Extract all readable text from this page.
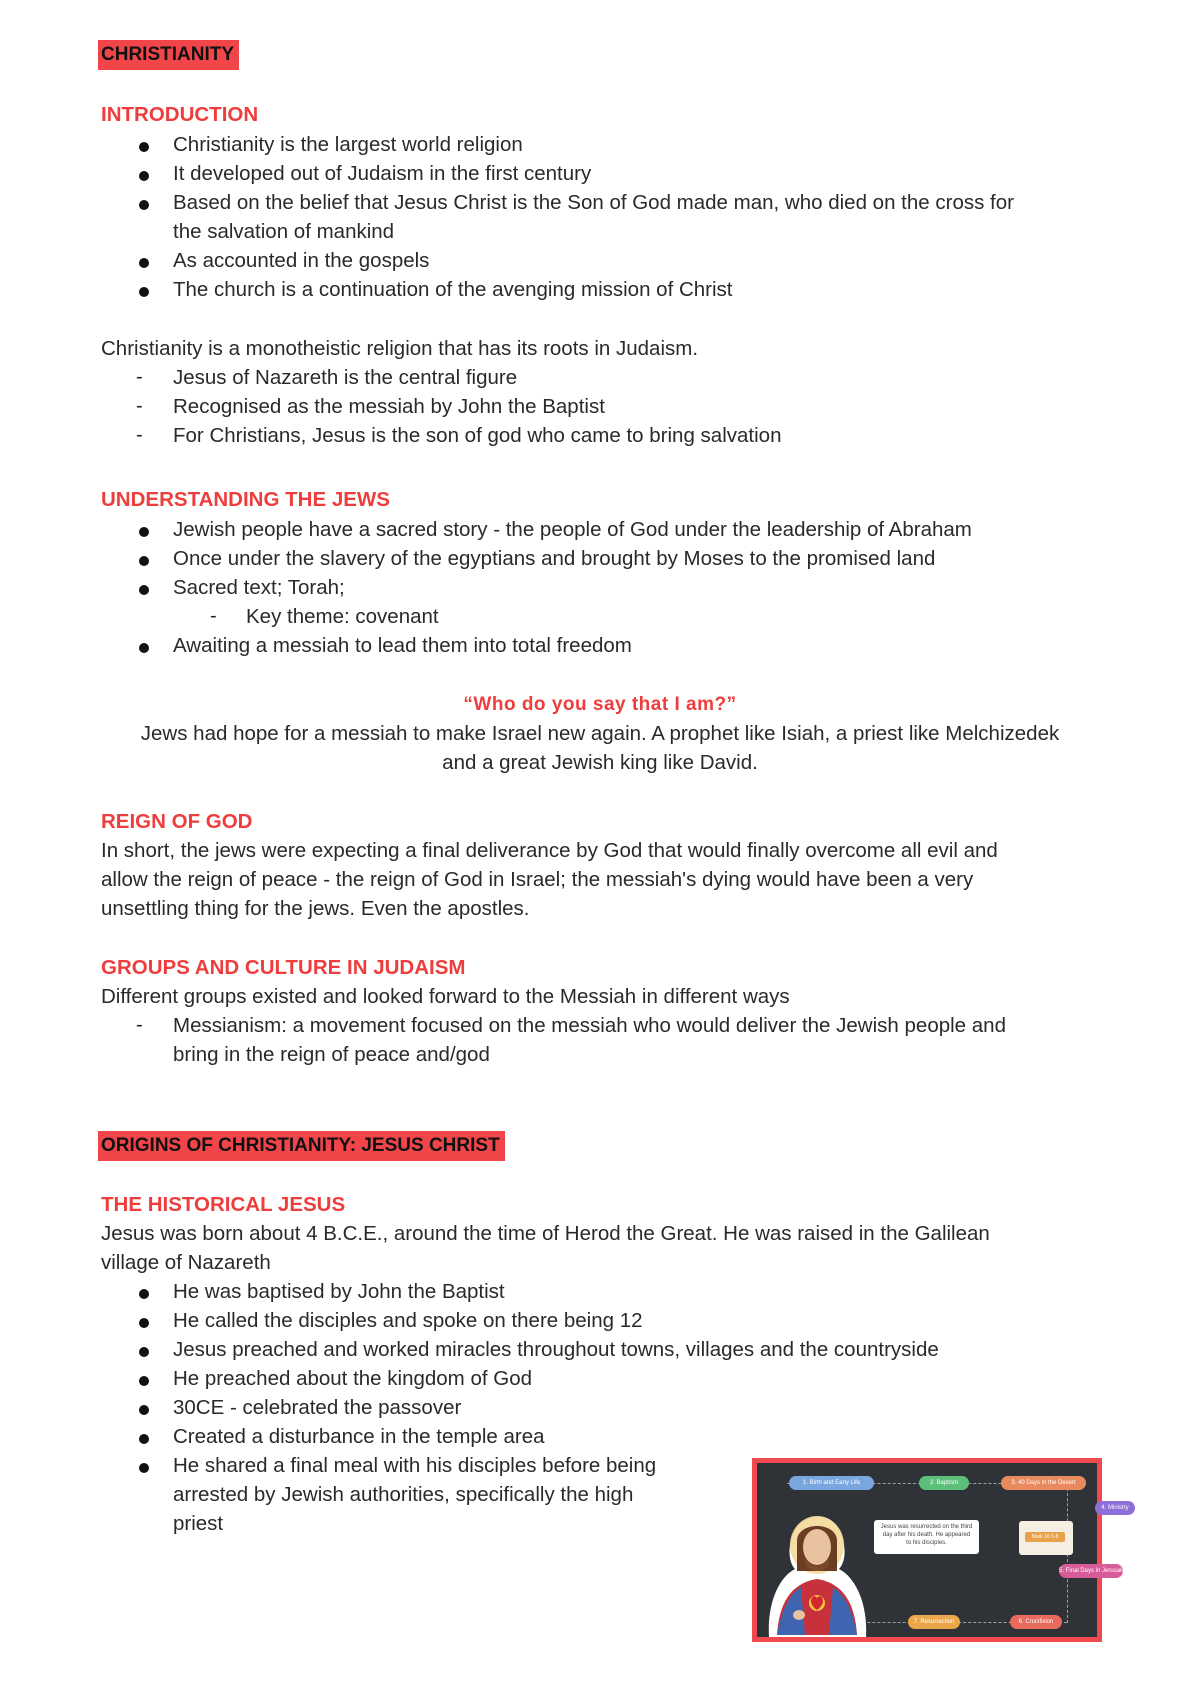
CHRISTIANITY
INTRODUCTION
Christianity is the largest world religion
It developed out of Judaism in the first century
Based on the belief that Jesus Christ is the Son of God made man, who died on the cross for
the salvation of mankind
As accounted in the gospels
The church is a continuation of the avenging mission of Christ
Christianity is a monotheistic religion that has its roots in Judaism.
- Jesus of Nazareth is the central figure
- Recognised as the messiah by John the Baptist
- For Christians, Jesus is the son of god who came to bring salvation
UNDERSTANDING THE JEWS
Jewish people have a sacred story - the people of God under the leadership of Abraham
Once under the slavery of the egyptians and brought by Moses to the promised land
Sacred text; Torah;
- Key theme: covenant
Awaiting a messiah to lead them into total freedom
“Who do you say that I am?”
Jews had hope for a messiah to make Israel new again. A prophet like Isiah, a priest like Melchizedek
and a great Jewish king like David.
REIGN OF GOD
In short, the jews were expecting a final deliverance by God that would finally overcome all evil and
allow the reign of peace - the reign of God in Israel; the messiah's dying would have been a very
unsettling thing for the jews. Even the apostles.
GROUPS AND CULTURE IN JUDAISM
Different groups existed and looked forward to the Messiah in different ways
- Messianism: a movement focused on the messiah who would deliver the Jewish people and
bring in the reign of peace and/god
ORIGINS OF CHRISTIANITY: JESUS CHRIST
THE HISTORICAL JESUS
Jesus was born about 4 B.C.E., around the time of Herod the Great. He was raised in the Galilean
village of Nazareth
He was baptised by John the Baptist
He called the disciples and spoke on there being 12
Jesus preached and worked miracles throughout towns, villages and the countryside
He preached about the kingdom of God
30CE - celebrated the passover
Created a disturbance in the temple area
He shared a final meal with his disciples before being
arrested by Jewish authorities, specifically the high
priest
1. Birth and Early Life	2. Baptism	3. 40 Days in the Desert
4. Ministry
5. Final Days in Jerusalem
6. Crucifixion
7. Resurrection
Jesus was resurrected on the third day after his death. He appeared to his disciples.
Mark 16:1-8
